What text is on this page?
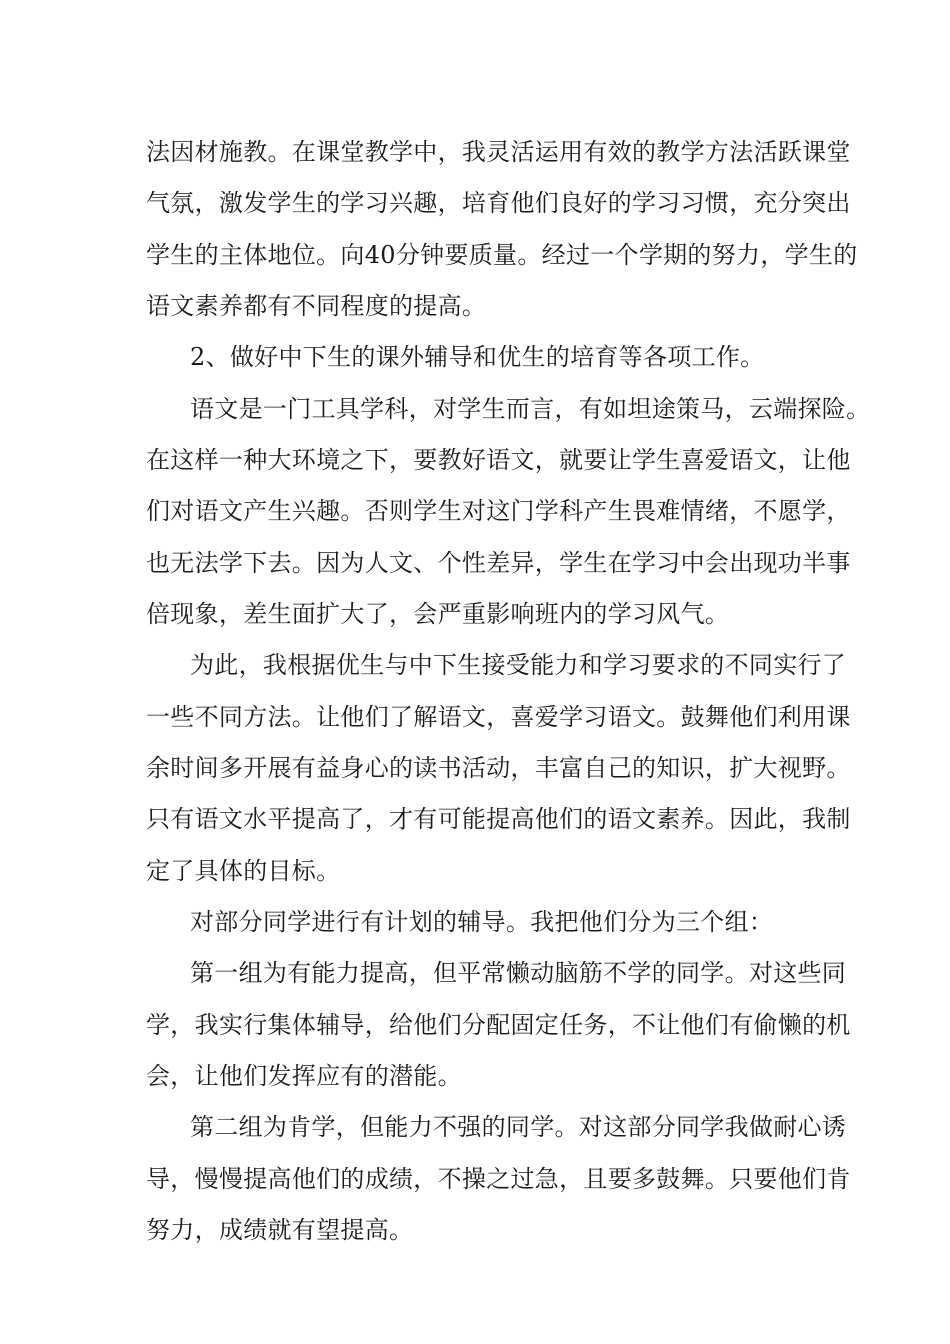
法因材施教。在课堂教学中，我灵活运用有效的教学方法活跃课堂
气氛，激发学生的学习兴趣，培育他们良好的学习习惯，充分突出
学生的主体地位。向40分钟要质量。经过一个学期的努力，学生的
语文素养都有不同程度的提高。
2、做好中下生的课外辅导和优生的培育等各项工作。
语文是一门工具学科，对学生而言，有如坦途策马，云端探险。
在这样一种大环境之下，要教好语文，就要让学生喜爱语文，让他
们对语文产生兴趣。否则学生对这门学科产生畏难情绪，不愿学，
也无法学下去。因为人文、个性差异，学生在学习中会出现功半事
倍现象，差生面扩大了，会严重影响班内的学习风气。
为此，我根据优生与中下生接受能力和学习要求的不同实行了
一些不同方法。让他们了解语文，喜爱学习语文。鼓舞他们利用课
余时间多开展有益身心的读书活动，丰富自己的知识，扩大视野。
只有语文水平提高了，才有可能提高他们的语文素养。因此，我制
定了具体的目标。
对部分同学进行有计划的辅导。我把他们分为三个组：
第一组为有能力提高，但平常懒动脑筋不学的同学。对这些同
学，我实行集体辅导，给他们分配固定任务，不让他们有偷懒的机
会，让他们发挥应有的潜能。
第二组为肯学，但能力不强的同学。对这部分同学我做耐心诱
导，慢慢提高他们的成绩，不操之过急，且要多鼓舞。只要他们肯
努力，成绩就有望提高。
